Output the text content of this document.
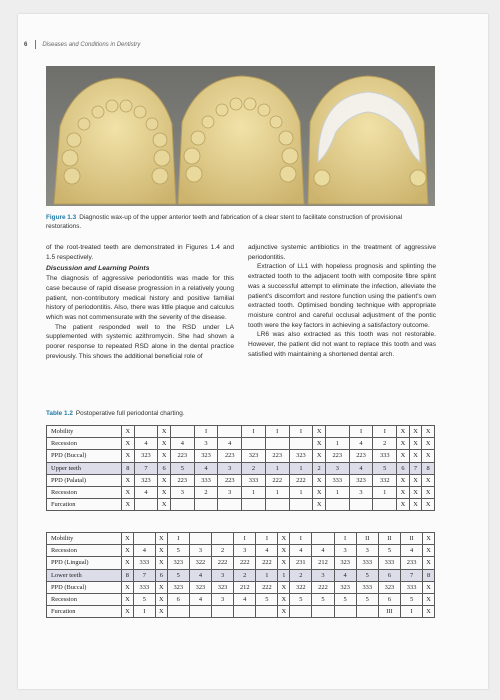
6	Diseases and Conditions in Dentistry
Figure 1.3 Diagnostic wax-up of the upper anterior teeth and fabrication of a clear stent to facilitate construction of provisional restorations.

of the root-treated teeth are demonstrated in Figures 1.4 and 1.5 respectively.

Discussion and Learning Points

The diagnosis of aggressive periodontitis was made for this case because of rapid disease progression in a relatively young patient, non-contributory medical history and positive familial history of periodontitis. Also, there was little plaque and calculus which was not commensurate with the severity of the disease.

The patient responded well to the RSD under LA supplemented with systemic azithromycin. She had shown a poorer response to repeated RSD alone in the dental practice previously. This shows the additional beneficial role of

adjunctive systemic antibiotics in the treatment of aggressive periodontitis.

Extraction of LL1 with hopeless prognosis and splinting the extracted tooth to the adjacent tooth with composite fibre splint was a successful attempt to eliminate the infection, alleviate the patient's discomfort and restore function using the patient's own extracted tooth. Optimised bonding technique with appropriate moisture control and careful occlusal adjustment of the pontic tooth were the key factors in achieving a satisfactory outcome.

LR6 was also extracted as this tooth was not restorable. However, the patient did not want to replace this tooth and was satisfied with maintaining a shortened dental arch.

Table 1.2 Postoperative full periodontal charting.
Mobility	X		X		I		I	I	I	X		I	I	X	X	X
Recession	X	4	X	4	3	4				X	1	4	2	X	X	X
PPD (Buccal)	X	323	X	223	323	223	323	223	323	X	223	223	333	X	X	X
Upper teeth	8	7	6	5	4	3	2	1	1	2	3	4	5	6	7	8
PPD (Palatal)	X	323	X	223	333	223	333	222	222	X	333	323	332	X	X	X
Recession	X	4	X	3	2	3	1	1	1	X	1	3	1	X	X	X
Furcation	X		X							X				X	X	X
Mobility	X		X	I			I	I	X	I		I	II	II	II	X
Recession	X	4	X	5	3	2	3	4	X	4	4	3	3	5	4	X
PPD (Lingual)	X	333	X	323	322	222	222	222	X	231	212	323	333	333	233	X
Lower teeth	8	7	6	5	4	3	2	1	1	2	3	4	5	6	7	8
PPD (Buccal)	X	333	X	323	323	323	212	222	X	322	222	323	333	323	333	X
Recession	X	5	X	6	4	3	4	5	X	5	5	5	5	6	5	X
Furcation	X	I	X						X					III	I	X
